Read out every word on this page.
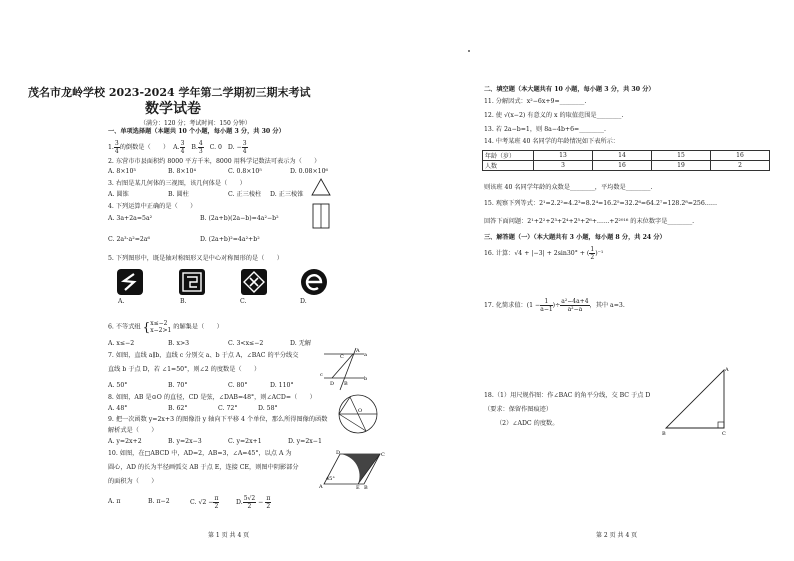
茂名市龙岭学校 2023-2024 学年第二学期初三期末考试
数学试卷
（满分：120 分；考试时间：150 分钟）
一、单项选择题（本题共 10 个小题，每小题 3 分，共 30 分）
1. $\frac{3}{4}$ 的倒数是（　　） A. $\frac{3}{4} B$. $\frac{4}{3} C$. 0 D. − $\frac{3}{4}$
2. 东营市市县面积约 8000 平方千米，8000 用科学记数法可表示为（　　）
A. 8×10³	B. 8×10⁴	C. 0.8×10⁵	D. 0.08×10⁶
3. 右图是某几何体的三视图，该几何体是（　　）
A. 圆锥	B. 圆柱	C. 正三棱柱 D. 正三棱锥
4. 下列运算中正确的是（　　）
A. 3a+2a=5a²	B. (2a+b)(2a−b)=4a²−b²
C. 2a³·a²=2a⁶	D. (2a+b)²=4a²+b²
5. 下列图形中，既是轴对称图形又是中心对称图形的是（　　）
A.	B.	C.	D.
6. 不等式组 { x≤−2
x−2>1 的解集是（　　）
A. x≤−2	B. x>3	C. 3<x≤−2	D. 无解
7. 如图，直线 a∥b，直线 c 分别交 a、b 于点 A，∠BAC 的平分线交
直线 b 于点 D，若 ∠1=50°，则∠2 的度数是（　　）
A. 50°	B. 70°	C. 80°	D. 110°
A
a
b
c
D B
C
8. 如图，AB 是⊙O 的直径，CD 是弦，∠DAB=48°，则∠ACD=（　　）
A. 48°	B. 62°	C. 72°	D. 58°	O
9. 把一次函数 y=2x+3 的图像沿 y 轴向下平移 4 个单位，那么所得图像的函数
解析式是（　　）
A. y=2x+2	B. y=2x−3	C. y=2x+1	D. y=2x−1
10. 如图，在□ABCD 中，AD=2，AB=3，∠A=45°，以点 A 为
圆心，AD 的长为半径画弧交 AB 于点 E，连接 CE，则图中阴影部分
的面积为（　　）
A. π	B. π−2	C. $√2 - \frac{\pi}{2}$	D. $\frac{5√2}{2} - \frac{\pi}{2}$
A	E B
C
D
45°
第 1 页 共 4 页
二、填空题（本大题共有 10 小题，每小题 3 分，共 30 分）
11. 分解因式：x²−6x+9=________.
12. 使 √(x−2) 有意义的 x 的取值范围是________.
13. 若 2a−b=1，则 8a−4b+6=________.
14. 中考某班 40 名同学的年龄情况如下表所示：
年龄（岁）	13	14	15	16
人数	3	16	19	2
则该班 40 名同学年龄的众数是________，平均数是________.
15. 观察下列等式：2¹=2.2²=4.2³=8.2⁴=16.2⁵=32.2⁶=64.2⁷=128.2⁸=256……
回答下面问题：2¹+2²+2³+2⁴+2⁵+2⁶+……+2²⁰¹⁶ 的末位数字是________.
三、解答题（一）（本大题共有 3 小题，每小题 8 分，共 24 分）
16. 计算：√4 + |−3| + 2sin30° + ( $\frac{1}{2} )^{-1}$
17. 化简求值：($1 - \frac{1}{a-1}$ )÷ $\frac{\text{a²−4a+4}}{\text{a²−a}}$ ，其中 a=3.
18.（1）用尺规作图：作∠BAC 的角平分线，交 BC 于点 D
（要求：保留作图痕迹）
（2）∠ADC 的度数。
A
B	C
第 2 页 共 4 页
